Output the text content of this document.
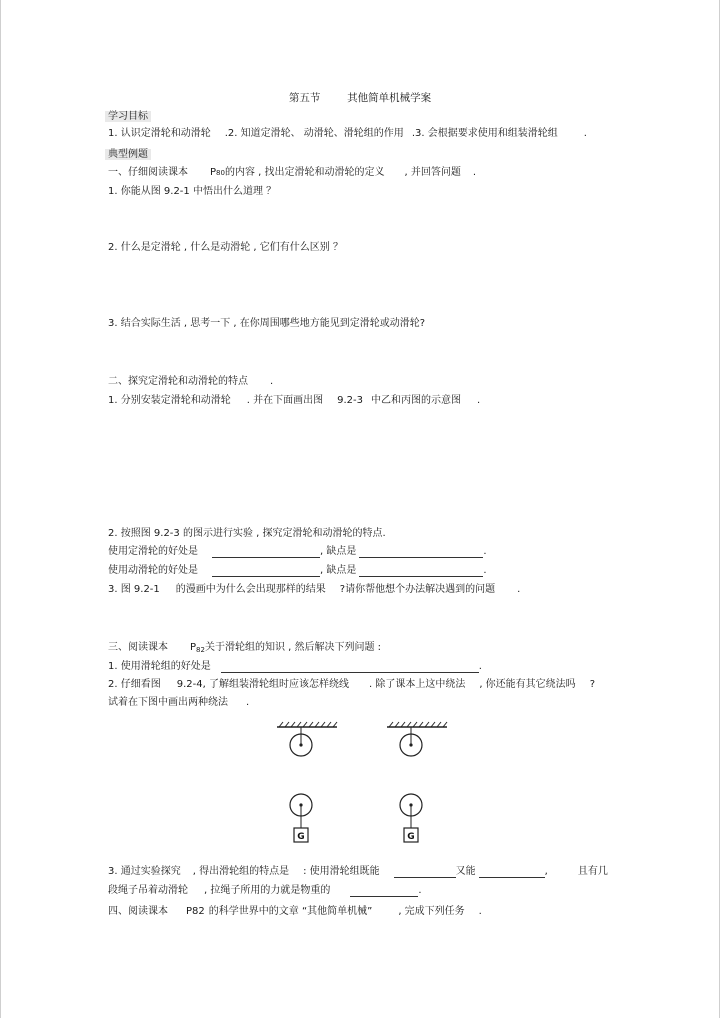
第五节        其他简单机械学案
学习目标
1. 认识定滑轮和动滑轮 .2. 知道定滑轮、 动滑轮、滑轮组的作用 .3. 会根据要求使用和组装滑轮组	.
典型例题
一、仔细阅读课本 P80的内容 , 找出定滑轮和动滑轮的定义 , 并回答问题 .
1. 你能从图 9.2-1 中悟出什么道理 ？
2. 什么是定滑轮 , 什么是动滑轮 , 它们有什么区别 ？
3. 结合实际生活 , 思考一下 , 在你周围哪些地方能见到定滑轮或动滑轮?
二、探究定滑轮和动滑轮的特点 .
1. 分别安装定滑轮和动滑轮 . 并在下面画出图 9.2-3 中乙和丙图的示意图 .
2. 按照图 9.2-3 的图示进行实验 , 探究定滑轮和动滑轮的特点.
使用定滑轮的好处是	, 缺点是	.
使用动滑轮的好处是	, 缺点是	.
3. 图 9.2-1 的漫画中为什么会出现那样的结果 ?请你帮他想个办法解决遇到的问题 .
三、阅读课本 $P_{82}$关于滑轮组的知识 , 然后解决下列问题 :
1. 使用滑轮组的好处是	.
2. 仔细看图 9.2-4, 了解组装滑轮组时应该怎样绕线 . 除了课本上这中绕法 , 你还能有其它绕法吗 ?
试着在下图中画出两种绕法 .
G	G
3. 通过实验探究 , 得出滑轮组的特点是 : 使用滑轮组既能	又能	,	且有几
段绳子吊着动滑轮 , 拉绳子所用的力就是物重的	.
四、阅读课本 P82 的科学世界中的文章 “其他简单机械”	, 完成下列任务 .
